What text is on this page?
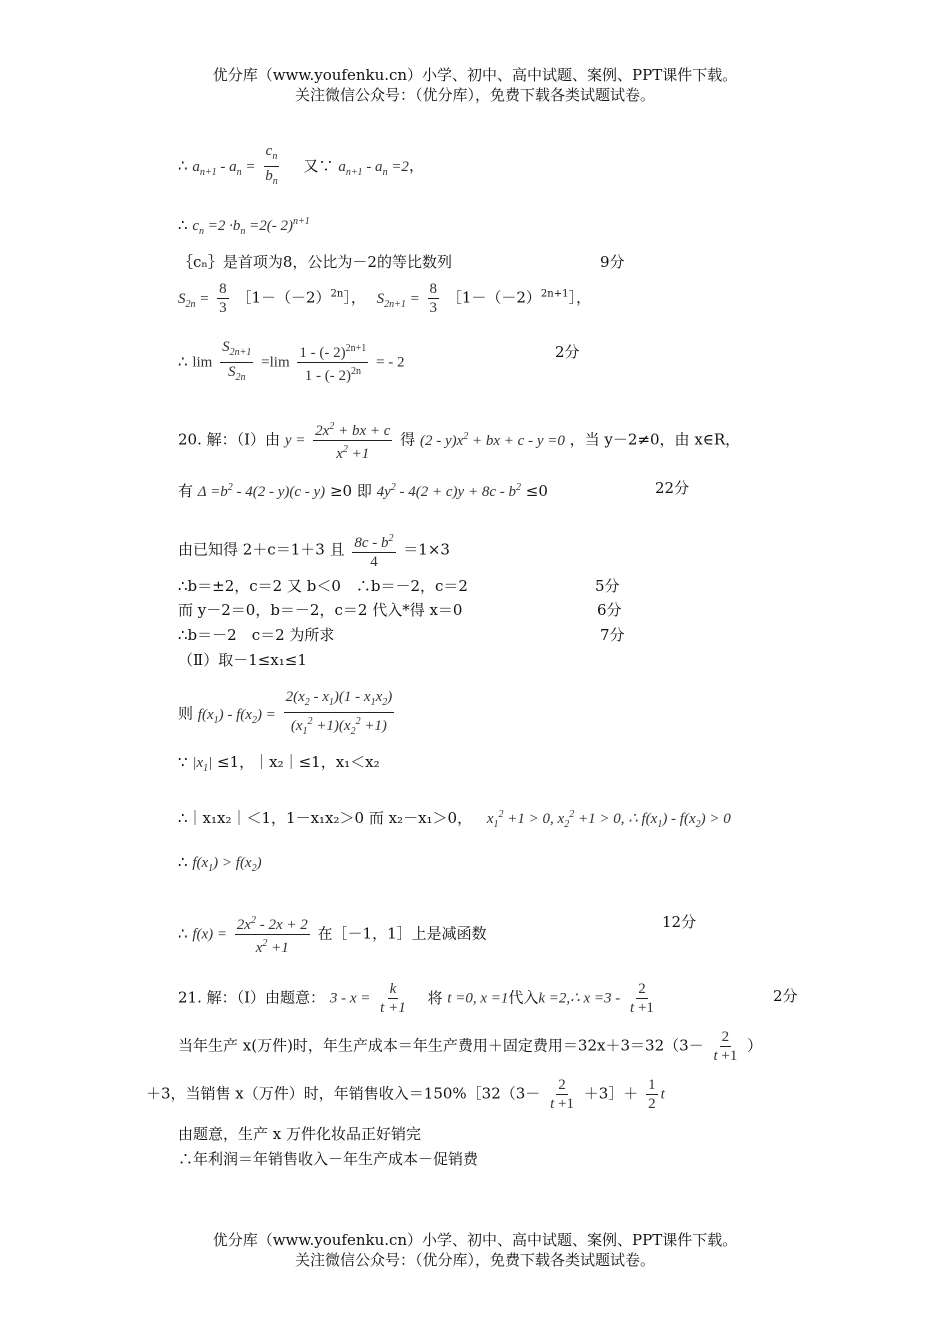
优分库（www.youfenku.cn）小学、初中、高中试题、案例、PPT课件下载。
关注微信公众号：（优分库），免费下载各类试题试卷。
∴ $a_{n+1} - a_n = \frac{c_n}{b_n}$ 又∵ $a_{n+1} - a_n =2$，
∴ $c_n =2 \cdot b_n =2(-$ 2)$^{n+1}$
｛cₙ｝是首项为8，公比为－2的等比数列	9分
$S_{2n} = \frac{8}{3}$ $[1-(-2)^{2n}]$， $S_{2n+1} = \frac{8}{3}$ $[1-(-2)^{2n+1}]$，
∴ $\lim \frac{S_{2n+1}}{S_{2n}} =\lim \frac{1 - (- 2)^{2n+1}}{1 - (- 2)^{2n}}$ = - 2
2分
20. 解：（Ⅰ）由 $y = \frac{2x^2 + bx + c}{x^2 +1}$ 得 $(2 - y)x^2$ + bx + c - y =0 ，当 y－2≠0，由 x∈R，
有 $\Delta =b^2 - 4(2 - y)(c - y) \ge 0$ 即 $4y^2 - 4(2 + c)y + 8c - b^2 \le 0$	22分
由已知得 2＋c＝1＋3 且 $\frac{8c - b^2}{4} =1\times 3$
∴b＝±2，c＝2 又 b＜0　∴b＝－2，c＝2	5分
而 y－2＝0，b＝－2，c＝2 代入*得 x＝0	6分
∴b＝－2　c＝2 为所求	7分
（Ⅱ）取－1≤x₁≤1
则 $f(x_1) - f(x_2) = \frac{2(x_2 - x_1)(1 - x_1x_2)}{(x_1^2 +1)(x_2^2 +1)}$
∵ $|x_1| \le 1$，｜x₂｜≤1，x₁＜x₂
∴｜x₁x₂｜＜1，1－x₁x₂＞0 而 x₂－x₁＞0， $x_1^2 +1 > 0$, $x_2^2 +1 > 0$, ∴ $f(x_1) - f(x_2) > 0$
∴ $f(x_1) > f(x_2)$
∴ $f(x) = \frac{2x^2 - 2x + 2}{x^2 +1}$ 在［－1，1］上是减函数
12分
21. 解：（Ⅰ）由题意： $3 - x = \frac{k}{t +1}$ 将 t =0, x =1代入k =2,∴ $x =3 - \frac{2}{t +1}$	2分
当年生产 x(万件)时，年生产成本＝年生产费用＋固定费用$=32x+3=32(3- \frac{2}{t +1}$ ）
＋3，当销售 x（万件）时，年销售收入＝150%［32（3－ $\frac{2}{t +1}$ ＋3］＋ $\frac{1}{2}$ t
由题意，生产 x 万件化妆品正好销完
∴年利润＝年销售收入－年生产成本－促销费
优分库（www.youfenku.cn）小学、初中、高中试题、案例、PPT课件下载。
关注微信公众号：（优分库），免费下载各类试题试卷。
